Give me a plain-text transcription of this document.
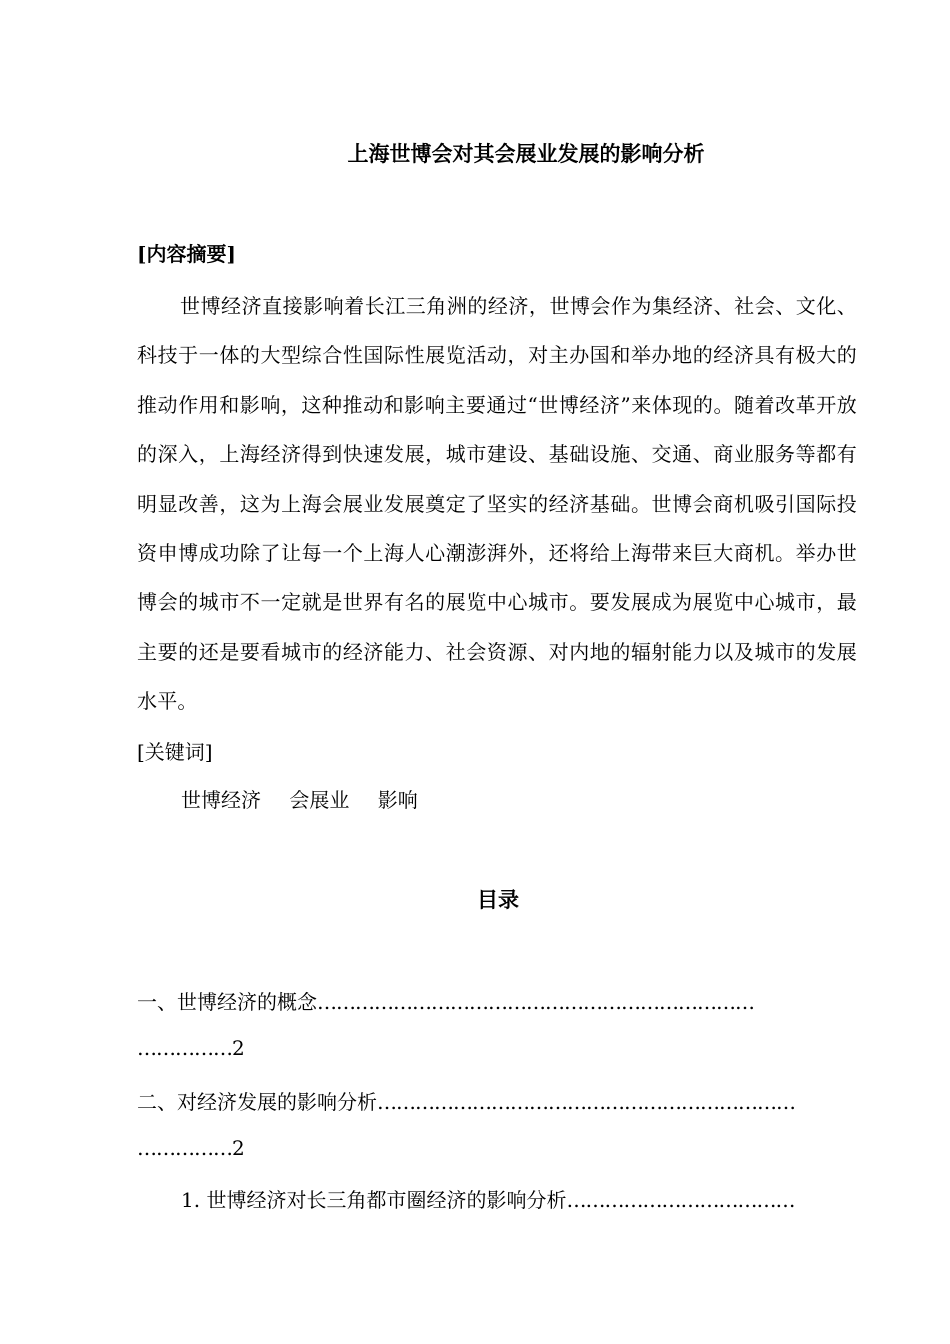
上海世博会对其会展业发展的影响分析
[内容摘要]

世博经济直接影响着长江三角洲的经济，世博会作为集经济、社会、文化、科技于一体的大型综合性国际性展览活动，对主办国和举办地的经济具有极大的推动作用和影响，这种推动和影响主要通过“世博经济”来体现的。随着改革开放的深入，上海经济得到快速发展，城市建设、基础设施、交通、商业服务等都有明显改善，这为上海会展业发展奠定了坚实的经济基础。世博会商机吸引国际投资申博成功除了让每一个上海人心潮澎湃外，还将给上海带来巨大商机。举办世博会的城市不一定就是世界有名的展览中心城市。要发展成为展览中心城市，最主要的还是要看城市的经济能力、社会资源、对内地的辐射能力以及城市的发展水平。

[关键词]
世博经济 会展业 影响
目录
一、世博经济的概念……………………………………………………………
……………2
二、对经济发展的影响分析…………………………………………………………
……………2
1. 世博经济对长三角都市圈经济的影响分析………………………………
